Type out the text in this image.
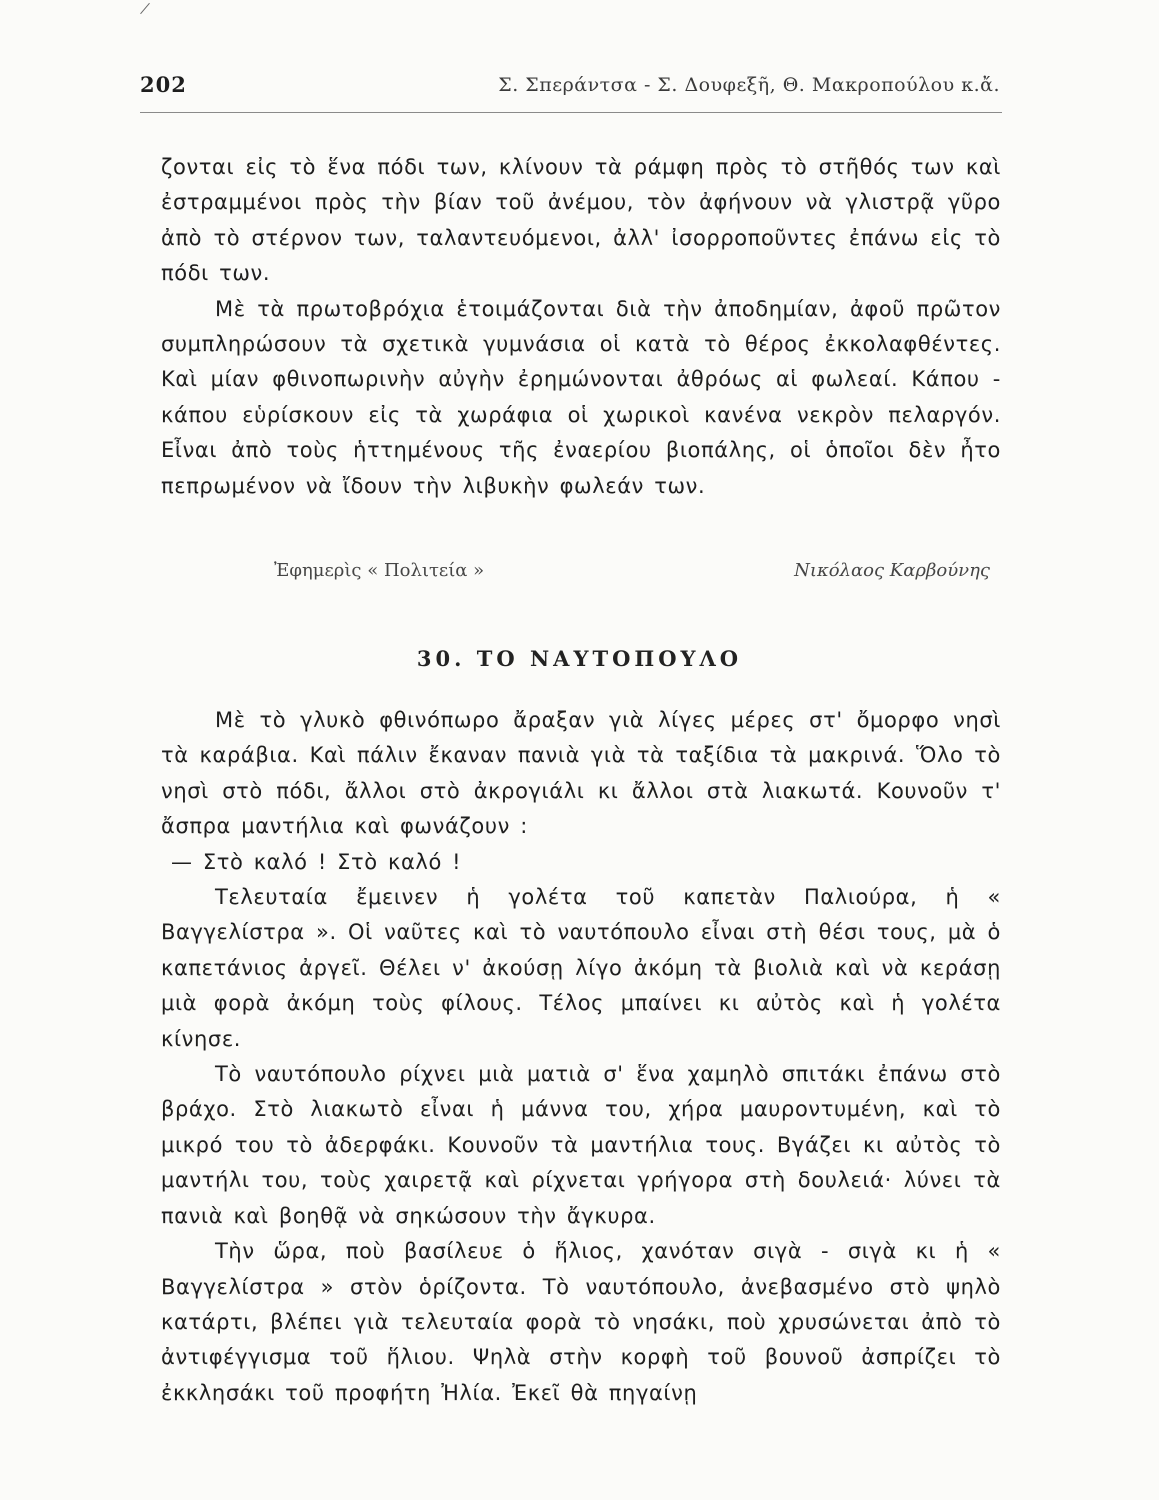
202	Σ. Σπεράντσα - Σ. Δουφεξῆ, Θ. Μακροπούλου κ.ἄ.

ζονται εἰς τὸ ἕνα πόδι των, κλίνουν τὰ ράμφη πρὸς τὸ στῆθός των καὶ ἐστραμμένοι πρὸς τὴν βίαν τοῦ ἀνέμου, τὸν ἀφήνουν νὰ γλιστρᾷ γῦρο ἀπὸ τὸ στέρνον των, ταλαντευόμενοι, ἀλλ' ἰσορροποῦντες ἐπάνω εἰς τὸ πόδι των.

Μὲ τὰ πρωτοβρόχια ἑτοιμάζονται διὰ τὴν ἀποδημίαν, ἀφοῦ πρῶτον συμπληρώσουν τὰ σχετικὰ γυμνάσια οἱ κατὰ τὸ θέρος ἐκκολαφθέντες. Καὶ μίαν φθινοπωρινὴν αὐγὴν ἐρημώνονται ἀθρόως αἱ φωλεαί. Κάπου - κάπου εὑρίσκουν εἰς τὰ χωράφια οἱ χωρικοὶ κανένα νεκρὸν πελαργόν. Εἶναι ἀπὸ τοὺς ἡττημένους τῆς ἐναερίου βιοπάλης, οἱ ὁποῖοι δὲν ἦτο πεπρωμένον νὰ ἴδουν τὴν λιβυκὴν φωλεάν των.

Ἐφημερὶς « Πολιτεία »	Νικόλαος Καρβούνης
30. ΤΟ ΝΑΥΤΟΠΟΥΛΟ

Μὲ τὸ γλυκὸ φθινόπωρο ἄραξαν γιὰ λίγες μέρες στ' ὄμορφο νησὶ τὰ καράβια. Καὶ πάλιν ἔκαναν πανιὰ γιὰ τὰ ταξίδια τὰ μακρινά. Ὅλο τὸ νησὶ στὸ πόδι, ἄλλοι στὸ ἀκρογιάλι κι ἄλλοι στὰ λιακωτά. Κουνοῦν τ' ἄσπρα μαντήλια καὶ φωνάζουν :

— Στὸ καλό ! Στὸ καλό !

Τελευταία ἔμεινεν ἡ γολέτα τοῦ καπετὰν Παλιούρα, ἡ « Βαγγελίστρα ». Οἱ ναῦτες καὶ τὸ ναυτόπουλο εἶναι στὴ θέσι τους, μὰ ὁ καπετάνιος ἀργεῖ. Θέλει ν' ἀκούσῃ λίγο ἀκόμη τὰ βιολιὰ καὶ νὰ κεράσῃ μιὰ φορὰ ἀκόμη τοὺς φίλους. Τέλος μπαίνει κι αὐτὸς καὶ ἡ γολέτα κίνησε.

Τὸ ναυτόπουλο ρίχνει μιὰ ματιὰ σ' ἕνα χαμηλὸ σπιτάκι ἐπάνω στὸ βράχο. Στὸ λιακωτὸ εἶναι ἡ μάννα του, χήρα μαυροντυμένη, καὶ τὸ μικρό του τὸ ἀδερφάκι. Κουνοῦν τὰ μαντήλια τους. Βγάζει κι αὐτὸς τὸ μαντήλι του, τοὺς χαιρετᾷ καὶ ρίχνεται γρήγορα στὴ δουλειά· λύνει τὰ πανιὰ καὶ βοηθᾷ νὰ σηκώσουν τὴν ἄγκυρα.

Τὴν ὥρα, ποὺ βασίλευε ὁ ἥλιος, χανόταν σιγὰ - σιγὰ κι ἡ « Βαγγελίστρα » στὸν ὁρίζοντα. Τὸ ναυτόπουλο, ἀνεβασμένο στὸ ψηλὸ κατάρτι, βλέπει γιὰ τελευταία φορὰ τὸ νησάκι, ποὺ χρυσώνεται ἀπὸ τὸ ἀντιφέγγισμα τοῦ ἥλιου. Ψηλὰ στὴν κορφὴ τοῦ βουνοῦ ἀσπρίζει τὸ ἐκκλησάκι τοῦ προφήτη Ἠλία. Ἐκεῖ θὰ πηγαίνῃ
